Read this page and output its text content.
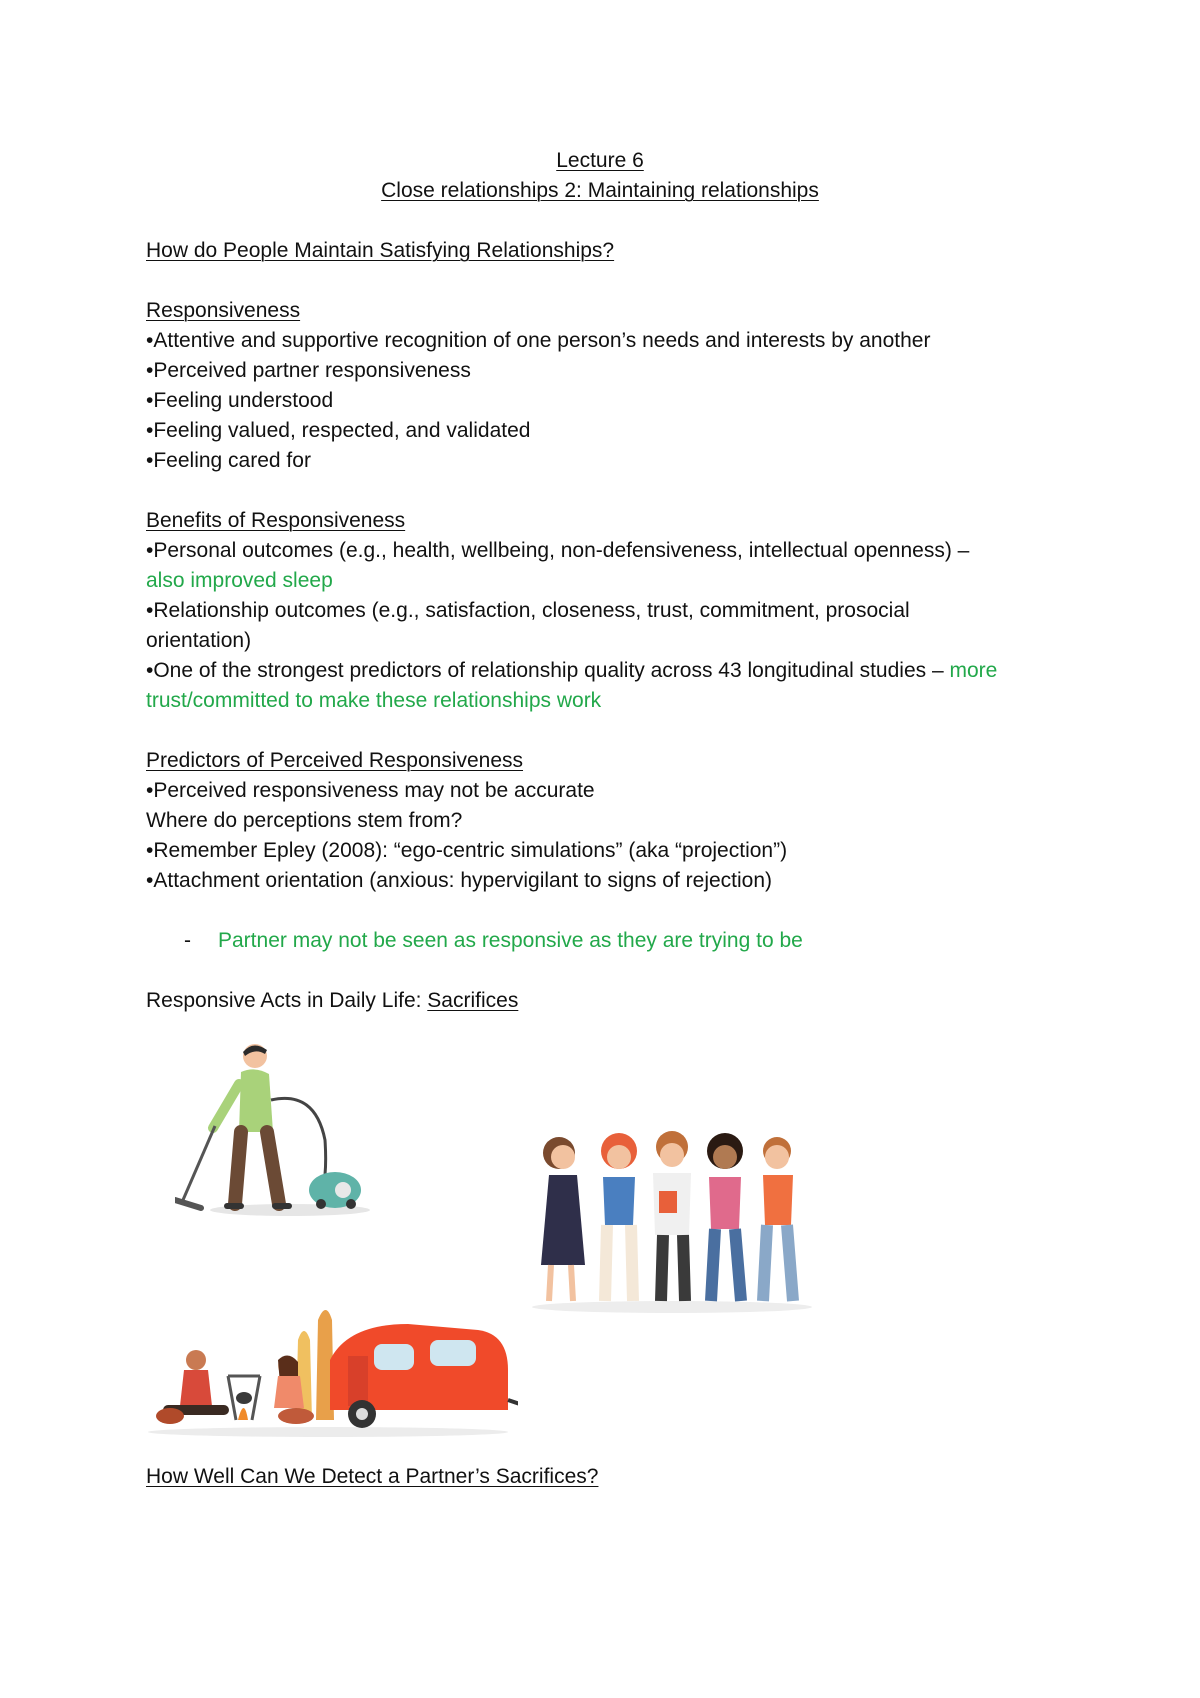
Lecture 6
Close relationships 2: Maintaining relationships
How do People Maintain Satisfying Relationships?
Responsiveness
•Attentive and supportive recognition of one person’s needs and interests by another
•Perceived partner responsiveness
•Feeling understood
•Feeling valued, respected, and validated
•Feeling cared for
Benefits of Responsiveness
•Personal outcomes (e.g., health, wellbeing, non-defensiveness, intellectual openness) –
also improved sleep
•Relationship outcomes (e.g., satisfaction, closeness, trust, commitment, prosocial
orientation)
•One of the strongest predictors of relationship quality across 43 longitudinal studies – more
trust/committed to make these relationships work
Predictors of Perceived Responsiveness
•Perceived responsiveness may not be accurate
Where do perceptions stem from?
•Remember Epley (2008): “ego-centric simulations” (aka “projection”)
•Attachment orientation (anxious: hypervigilant to signs of rejection)
- Partner may not be seen as responsive as they are trying to be
Responsive Acts in Daily Life: Sacrifices
How Well Can We Detect a Partner’s Sacrifices?
